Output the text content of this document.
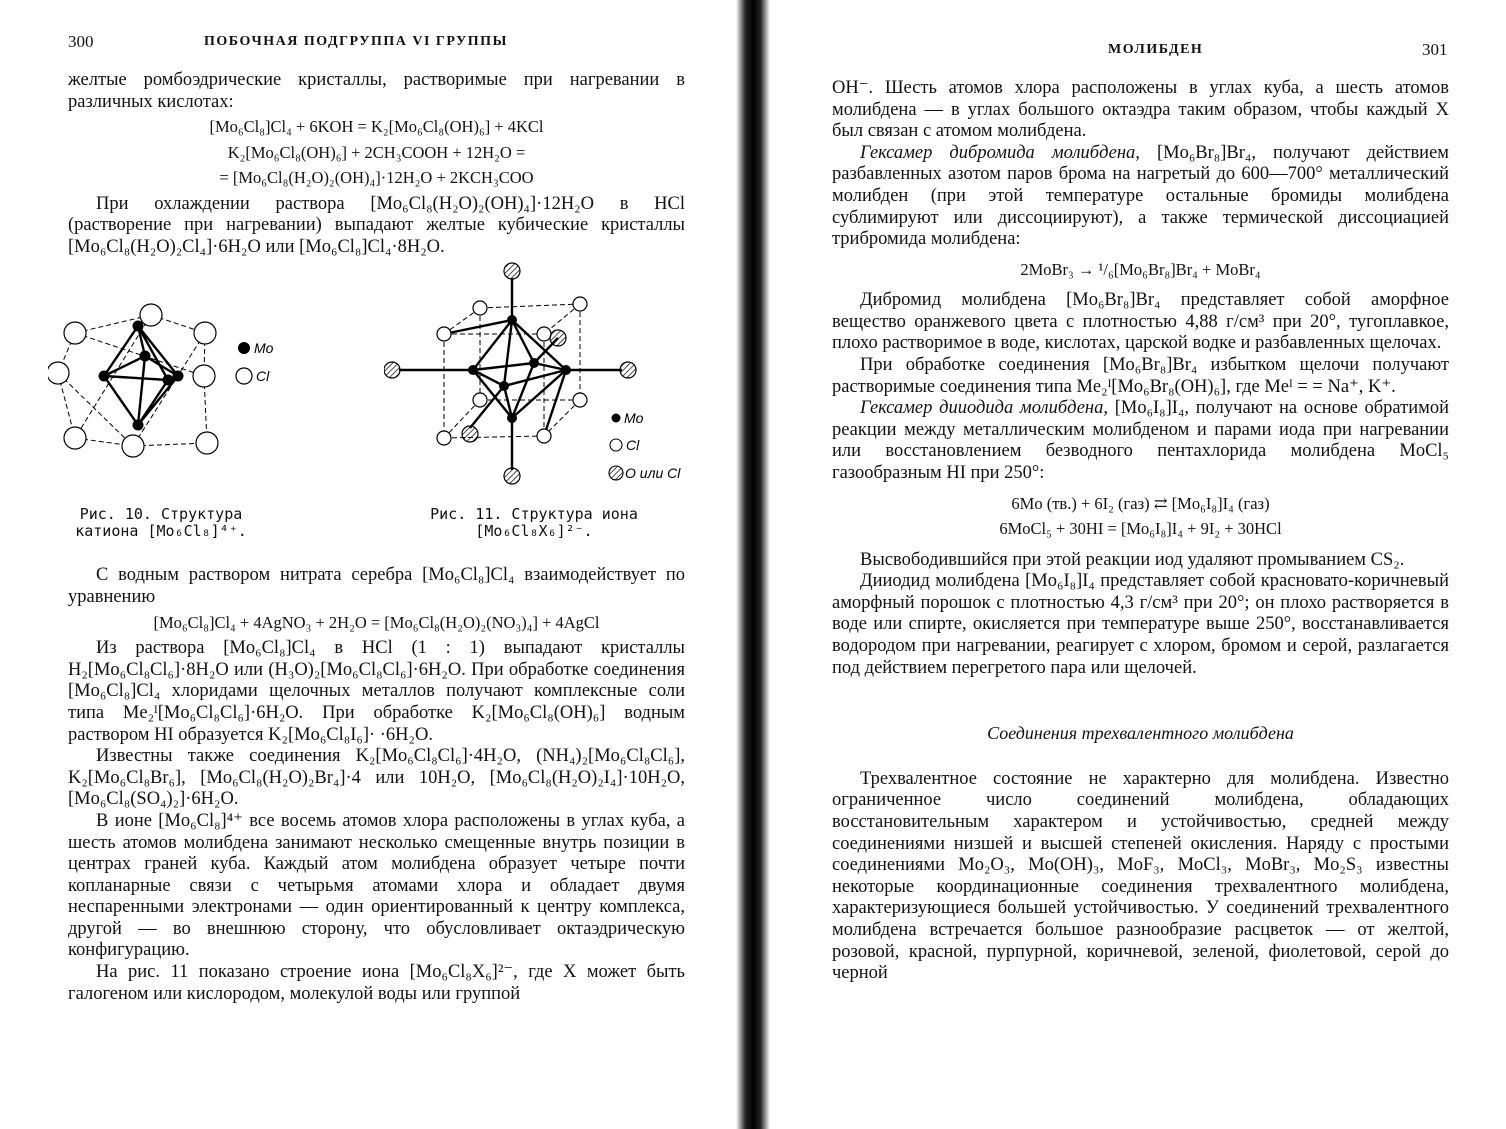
300	ПОБОЧНАЯ ПОДГРУППА VI ГРУППЫ

желтые ромбоэдрические кристаллы, растворимые при нагревании в различных кислотах:

[Mo₆Cl₈]Cl₄ + 6KOH = K₂[Mo₆Cl₈(OH)₆] + 4KCl
K₂[Mo₆Cl₈(OH)₆] + 2CH₃COOH + 12H₂O =
= [Mo₆Cl₈(H₂O)₂(OH)₄]·12H₂O + 2KCH₃COO

При охлаждении раствора [Mo₆Cl₈(H₂O)₂(OH)₄]·12H₂O в HCl (растворение при нагревании) выпадают желтые кубические кристаллы [Mo₆Cl₈(H₂O)₂Cl₄]·6H₂O или [Mo₆Cl₈]Cl₄·8H₂O.

Mo
Cl
Mo
Cl
O или Cl
Рис. 10. Структура катиона [Mo₆Cl₈]⁴⁺.
Рис. 11. Структура иона [Mo₆Cl₈X₆]²⁻.

С водным раствором нитрата серебра [Mo₆Cl₈]Cl₄ взаимодействует по уравнению

[Mo₆Cl₈]Cl₄ + 4AgNO₃ + 2H₂O = [Mo₆Cl₈(H₂O)₂(NO₃)₄] + 4AgCl

Из раствора [Mo₆Cl₈]Cl₄ в HCl (1 : 1) выпадают кристаллы H₂[Mo₆Cl₈Cl₆]·8H₂O или (H₃O)₂[Mo₆Cl₈Cl₆]·6H₂O. При обработке соединения [Mo₆Cl₈]Cl₄ хлоридами щелочных металлов получают комплексные соли типа Me₂ᴵ[Mo₆Cl₈Cl₆]·6H₂O. При обработке K₂[Mo₆Cl₈(OH)₆] водным раствором HI образуется K₂[Mo₆Cl₈I₆]· ·6H₂O.

Известны также соединения K₂[Mo₆Cl₈Cl₆]·4H₂O, (NH₄)₂[Mo₆Cl₈Cl₆], K₂[Mo₆Cl₈Br₆], [Mo₆Cl₈(H₂O)₂Br₄]·4 или 10H₂O, [Mo₆Cl₈(H₂O)₂I₄]·10H₂O, [Mo₆Cl₈(SO₄)₂]·6H₂O.

В ионе [Mo₆Cl₈]⁴⁺ все восемь атомов хлора расположены в углах куба, а шесть атомов молибдена занимают несколько смещенные внутрь позиции в центрах граней куба. Каждый атом молибдена образует четыре почти копланарные связи с четырьмя атомами хлора и обладает двумя неспаренными электронами — один ориентированный к центру комплекса, другой — во внешнюю сторону, что обусловливает октаэдрическую конфигурацию.

На рис. 11 показано строение иона [Mo₆Cl₈X₆]²⁻, где X может быть галогеном или кислородом, молекулой воды или группой

МОЛИБДЕН	301

OH⁻. Шесть атомов хлора расположены в углах куба, а шесть атомов молибдена — в углах большого октаэдра таким образом, чтобы каждый X был связан с атомом молибдена.

Гексамер дибромида молибдена, [Mo₆Br₈]Br₄, получают действием разбавленных азотом паров брома на нагретый до 600—700° металлический молибден (при этой температуре остальные бромиды молибдена сублимируют или диссоциируют), а также термической диссоциацией трибромида молибдена:

2MoBr₃ → ¹/₆[Mo₆Br₈]Br₄ + MoBr₄

Дибромид молибдена [Mo₆Br₈]Br₄ представляет собой аморфное вещество оранжевого цвета с плотностью 4,88 г/см³ при 20°, тугоплавкое, плохо растворимое в воде, кислотах, царской водке и разбавленных щелочах.

При обработке соединения [Mo₆Br₈]Br₄ избытком щелочи получают растворимые соединения типа Me₂ᴵ[Mo₆Br₈(OH)₆], где Meᴵ = = Na⁺, K⁺.

Гексамер дииодида молибдена, [Mo₆I₈]I₄, получают на основе обратимой реакции между металлическим молибденом и парами иода при нагревании или восстановлением безводного пентахлорида молибдена MoCl₅ газообразным HI при 250°:

6Mo (тв.) + 6I₂ (газ) ⇄ [Mo₆I₈]I₄ (газ)
6MoCl₅ + 30HI = [Mo₆I₈]I₄ + 9I₂ + 30HCl

Высвободившийся при этой реакции иод удаляют промыванием CS₂.

Дииодид молибдена [Mo₆I₈]I₄ представляет собой красновато-коричневый аморфный порошок с плотностью 4,3 г/см³ при 20°; он плохо растворяется в воде или спирте, окисляется при температуре выше 250°, восстанавливается водородом при нагревании, реагирует с хлором, бромом и серой, разлагается под действием перегретого пара или щелочей.

Соединения трехвалентного молибдена

Трехвалентное состояние не характерно для молибдена. Известно ограниченное число соединений молибдена, обладающих восстановительным характером и устойчивостью, средней между соединениями низшей и высшей степеней окисления. Наряду с простыми соединениями Mo₂O₃, Mo(OH)₃, MoF₃, MoCl₃, MoBr₃, Mo₂S₃ известны некоторые координационные соединения трехвалентного молибдена, характеризующиеся большей устойчивостью. У соединений трехвалентного молибдена встречается большое разнообразие расцветок — от желтой, розовой, красной, пурпурной, коричневой, зеленой, фиолетовой, серой до черной
